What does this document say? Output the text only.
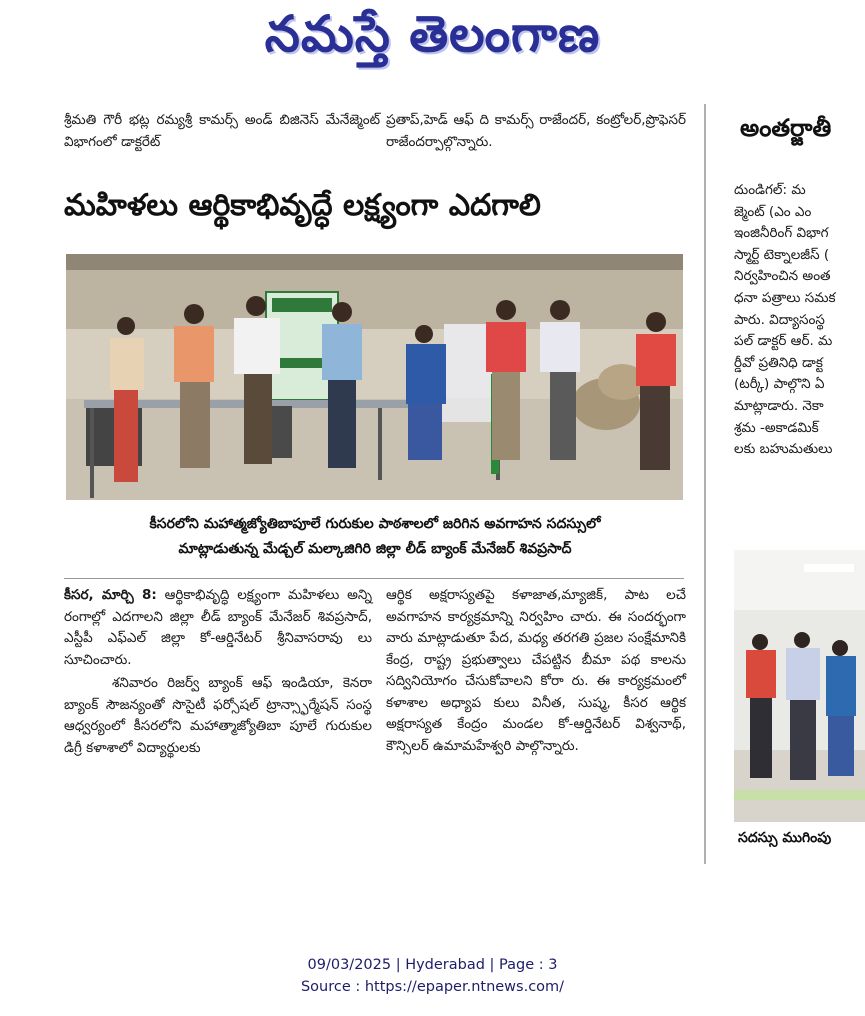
నమస్తే తెలంగాణ

శ్రీమతి గౌరీ భట్ల రమ్యశ్రీ కామర్స్ అండ్ బిజినెస్ మేనేజ్మెంట్ విభాగంలో డాక్టరేట్

ప్రతాప్,హెడ్ ఆఫ్ ది కామర్స్ రాజేందర్, కంట్రోలర్,ప్రొఫెసర్ రాజేందర్పాల్గొన్నారు.

మహిళలు ఆర్థికాభివృద్ధే లక్ష్యంగా ఎదగాలి
కీసరలోని మహాత్మజ్యోతిబాపూలే గురుకుల పాఠశాలలో జరిగిన అవగాహన సదస్సులో
మాట్లాడుతున్న మేడ్చల్ మల్కాజిగిరి జిల్లా లీడ్ బ్యాంక్ మేనేజర్ శివప్రసాద్

కీసర, మార్చి 8: ఆర్థికాభివృద్ధి లక్ష్యంగా మహిళలు అన్ని రంగాల్లో ఎదగాలని జిల్లా లీడ్ బ్యాంక్ మేనేజర్ శివప్రసాద్, ఎస్టీపీ ఎఫ్ఎల్ జిల్లా కో-ఆర్డినేటర్ శ్రీనివాసరావు లు సూచించారు.

శనివారం రిజర్వ్ బ్యాంక్ ఆఫ్ ఇండియా, కెనరా బ్యాంక్ సౌజన్యంతో సొసైటీ ఫర్సోషల్ ట్రాన్స్ఫార్మేషన్ సంస్థ ఆధ్వర్యంలో కీసరలోని మహాత్మాజ్యోతిబా పూలే గురుకుల డిగ్రీ కళాశాలో విద్యార్థులకు

ఆర్థిక అక్షరాస్యతపై కళాజాత,మ్యాజిక్, పాట లచే అవగాహన కార్యక్రమాన్ని నిర్వహిం చారు. ఈ సందర్భంగా వారు మాట్లాడుతూ పేద, మధ్య తరగతి ప్రజల సంక్షేమానికి కేంద్ర, రాష్ట్ర ప్రభుత్వాలు చేపట్టిన బీమా పథ కాలను సద్వినియోగం చేసుకోవాలని కోరా రు. ఈ కార్యక్రమంలో కళాశాల అధ్యాప కులు వినీత, సుష్మ, కీసర ఆర్థిక అక్షరాస్యత కేంద్రం మండల కో-ఆర్డినేటర్ విశ్వనాథ్, కౌన్సిలర్ ఉమామహేశ్వరి పాల్గొన్నారు.

అంతర్జాతీ
దుండిగల్: మ
జ్మెంట్ (ఎం ఎం
ఇంజినీరింగ్ విభాగ
స్మార్ట్ టెక్నాలజీస్ (
నిర్వహించిన అంత
ధనా పత్రాలు సమక
పారు. విద్యాసంస్థ
పల్ డాక్టర్ ఆర్. మ
ర్డీవో ప్రతినిధి డాక్ట
(టర్కీ) పాల్గొని ఏ
మాట్లాడారు. నెకా
శ్రమ -అకాడమిక్
లకు బహుమతులు
సదస్సు ముగింపు
09/03/2025 | Hyderabad | Page : 3
Source : https://epaper.ntnews.com/
